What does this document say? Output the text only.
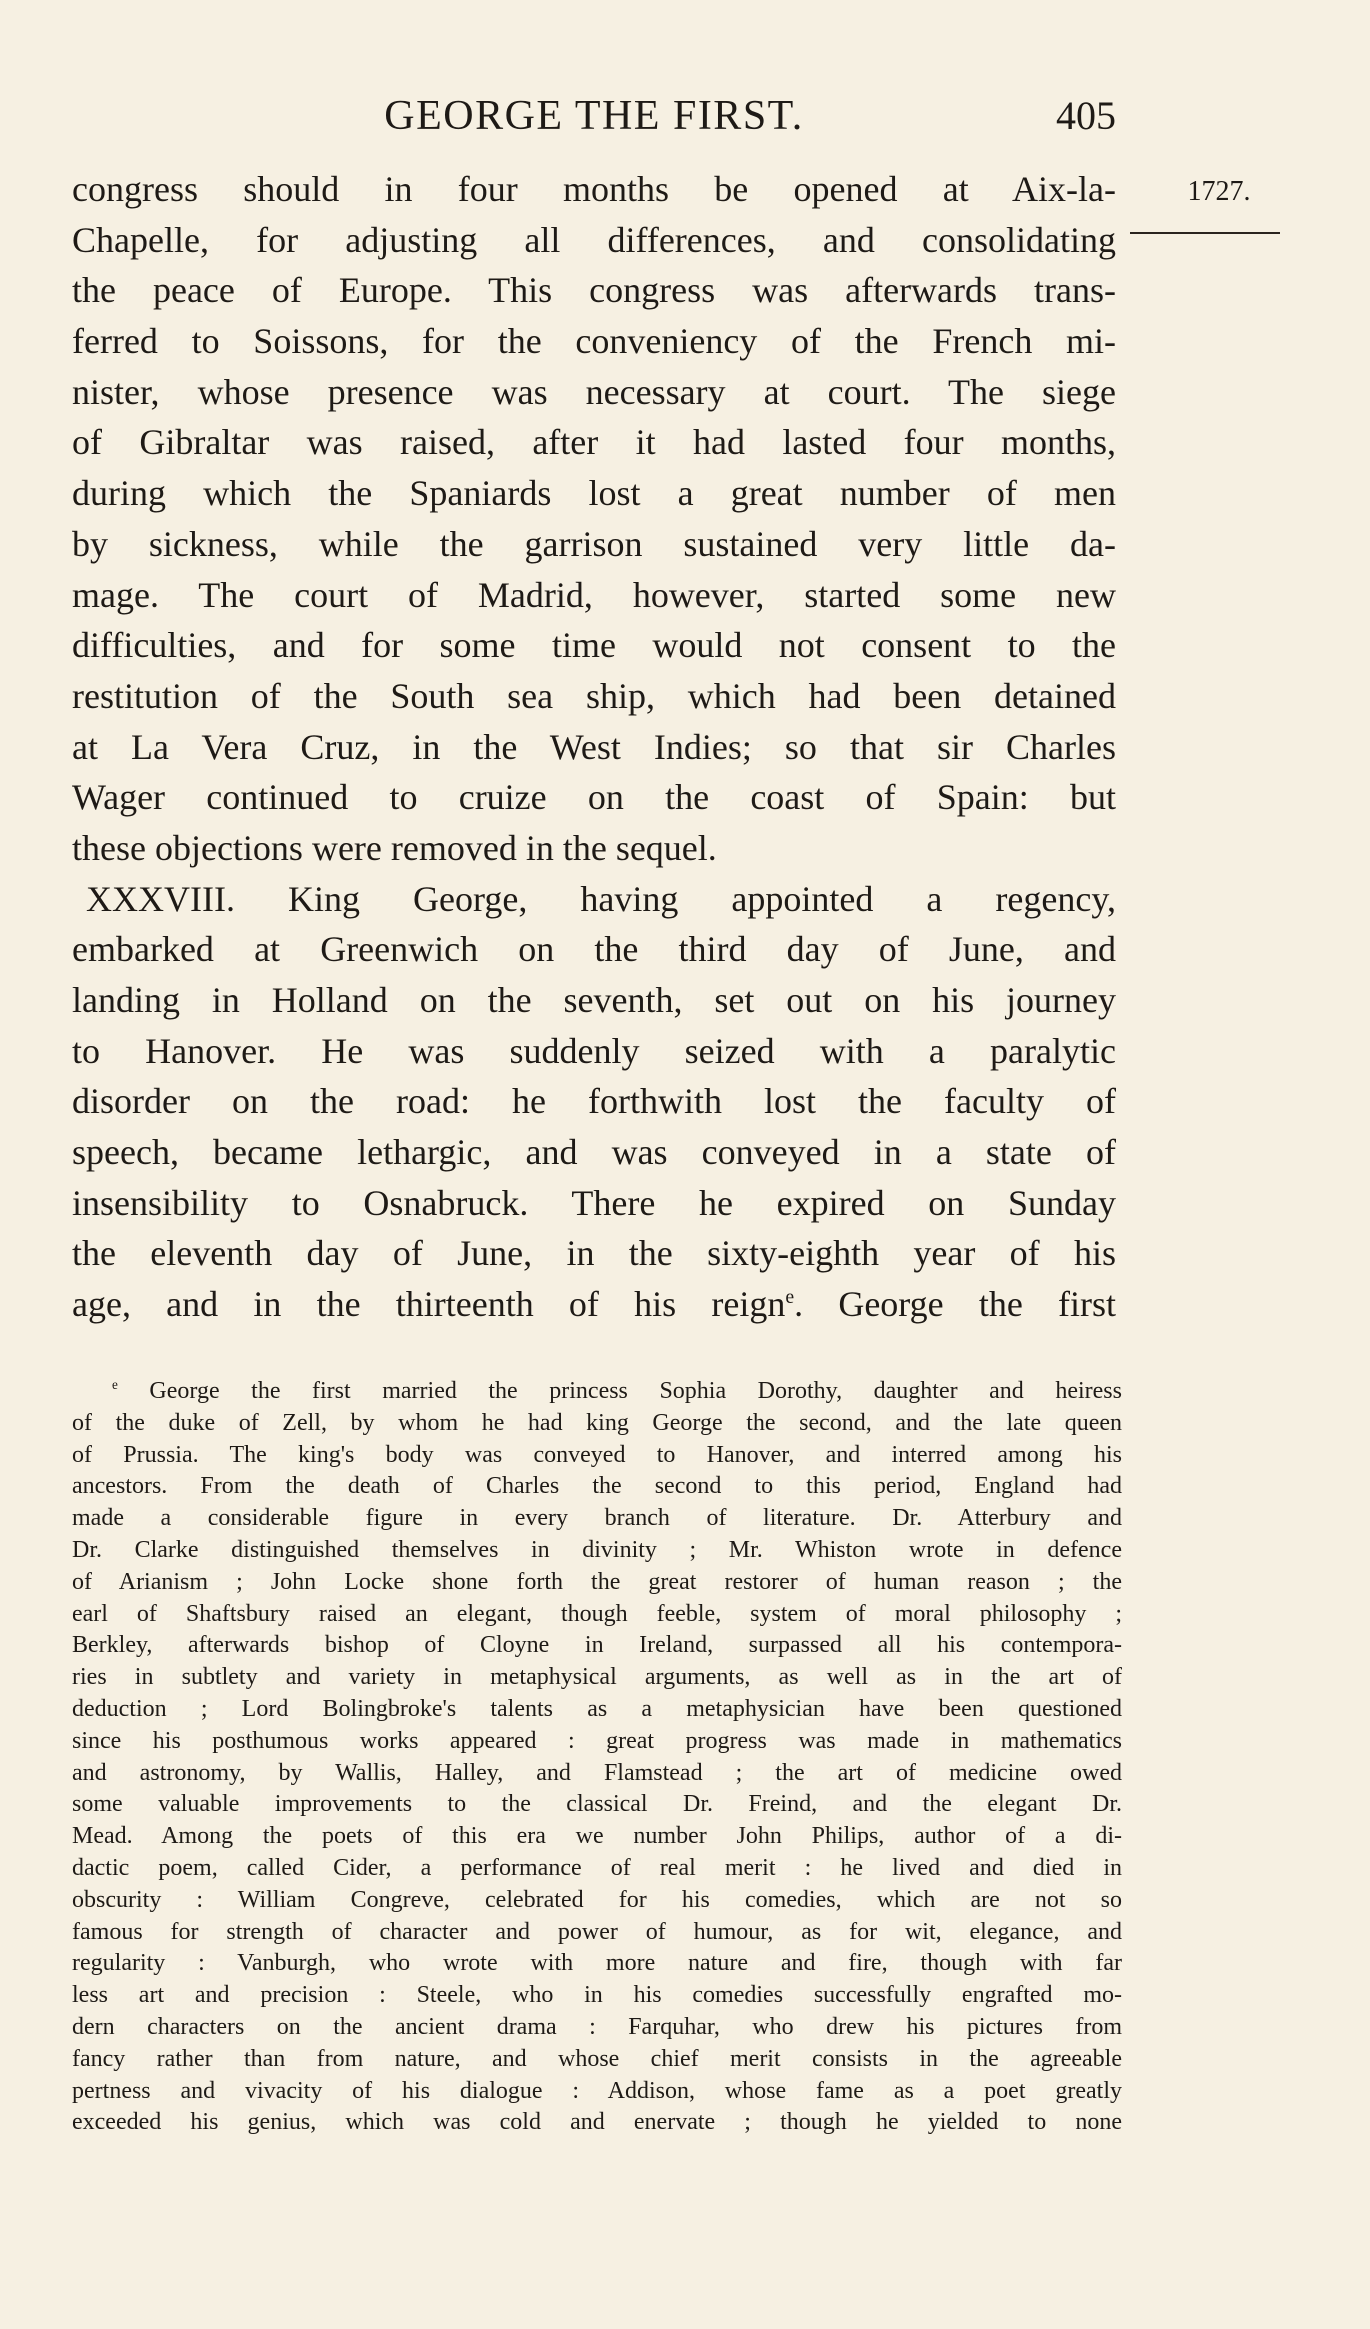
GEORGE THE FIRST.	405
1727.
congress should in four months be opened at Aix-la-
Chapelle, for adjusting all differences, and consolidating
the peace of Europe. This congress was afterwards trans-
ferred to Soissons, for the conveniency of the French mi-
nister, whose presence was necessary at court. The siege
of Gibraltar was raised, after it had lasted four months,
during which the Spaniards lost a great number of men
by sickness, while the garrison sustained very little da-
mage. The court of Madrid, however, started some new
difficulties, and for some time would not consent to the
restitution of the South sea ship, which had been detained
at La Vera Cruz, in the West Indies; so that sir Charles
Wager continued to cruize on the coast of Spain: but
these objections were removed in the sequel.
XXXVIII. King George, having appointed a regency,
embarked at Greenwich on the third day of June, and
landing in Holland on the seventh, set out on his journey
to Hanover. He was suddenly seized with a paralytic
disorder on the road: he forthwith lost the faculty of
speech, became lethargic, and was conveyed in a state of
insensibility to Osnabruck. There he expired on Sunday
the eleventh day of June, in the sixty-eighth year of his
age, and in the thirteenth of his reign$^e$. George the first
$^e$ George the first married the princess Sophia Dorothy, daughter and heiress
of the duke of Zell, by whom he had king George the second, and the late queen
of Prussia. The king's body was conveyed to Hanover, and interred among his
ancestors. From the death of Charles the second to this period, England had
made a considerable figure in every branch of literature. Dr. Atterbury and
Dr. Clarke distinguished themselves in divinity ; Mr. Whiston wrote in defence
of Arianism ; John Locke shone forth the great restorer of human reason ; the
earl of Shaftsbury raised an elegant, though feeble, system of moral philosophy ;
Berkley, afterwards bishop of Cloyne in Ireland, surpassed all his contempora-
ries in subtlety and variety in metaphysical arguments, as well as in the art of
deduction ; Lord Bolingbroke's talents as a metaphysician have been questioned
since his posthumous works appeared : great progress was made in mathematics
and astronomy, by Wallis, Halley, and Flamstead ; the art of medicine owed
some valuable improvements to the classical Dr. Freind, and the elegant Dr.
Mead. Among the poets of this era we number John Philips, author of a di-
dactic poem, called Cider, a performance of real merit : he lived and died in
obscurity : William Congreve, celebrated for his comedies, which are not so
famous for strength of character and power of humour, as for wit, elegance, and
regularity : Vanburgh, who wrote with more nature and fire, though with far
less art and precision : Steele, who in his comedies successfully engrafted mo-
dern characters on the ancient drama : Farquhar, who drew his pictures from
fancy rather than from nature, and whose chief merit consists in the agreeable
pertness and vivacity of his dialogue : Addison, whose fame as a poet greatly
exceeded his genius, which was cold and enervate ; though he yielded to none
